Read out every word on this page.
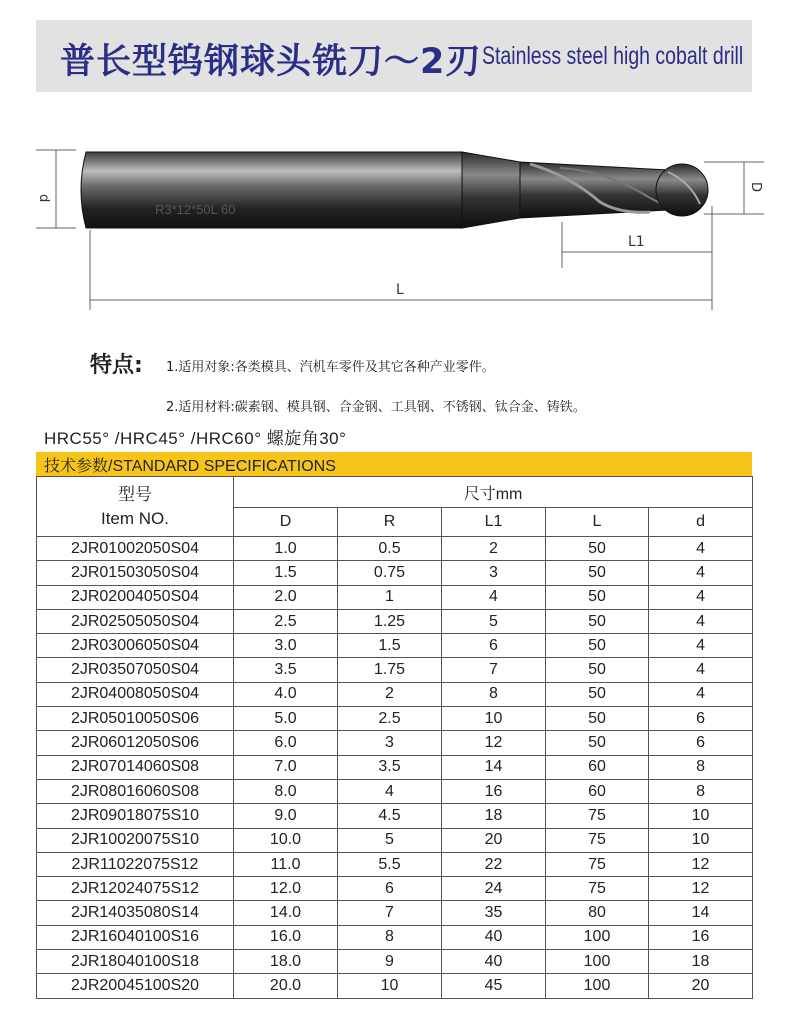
普长型钨钢球头铣刀～2刃 Stainless steel high cobalt drill
d
D
L1
L
R3*12*50L 60
特点: 1.适用对象:各类模具、汽机车零件及其它各种产业零件。
2.适用材料:碳素钢、模具钢、合金钢、工具钢、不锈钢、钛合金、铸铁。
HRC55° /HRC45° /HRC60° 螺旋角30°
技术参数/STANDARD SPECIFICATIONS
型号
Item NO.	尺寸mm				
	D	R	L1	L	d
2JR01002050S04	1.0	0.5	2	50	4
2JR01503050S04	1.5	0.75	3	50	4
2JR02004050S04	2.0	1	4	50	4
2JR02505050S04	2.5	1.25	5	50	4
2JR03006050S04	3.0	1.5	6	50	4
2JR03507050S04	3.5	1.75	7	50	4
2JR04008050S04	4.0	2	8	50	4
2JR05010050S06	5.0	2.5	10	50	6
2JR06012050S06	6.0	3	12	50	6
2JR07014060S08	7.0	3.5	14	60	8
2JR08016060S08	8.0	4	16	60	8
2JR09018075S10	9.0	4.5	18	75	10
2JR10020075S10	10.0	5	20	75	10
2JR11022075S12	11.0	5.5	22	75	12
2JR12024075S12	12.0	6	24	75	12
2JR14035080S14	14.0	7	35	80	14
2JR16040100S16	16.0	8	40	100	16
2JR18040100S18	18.0	9	40	100	18
2JR20045100S20	20.0	10	45	100	20
